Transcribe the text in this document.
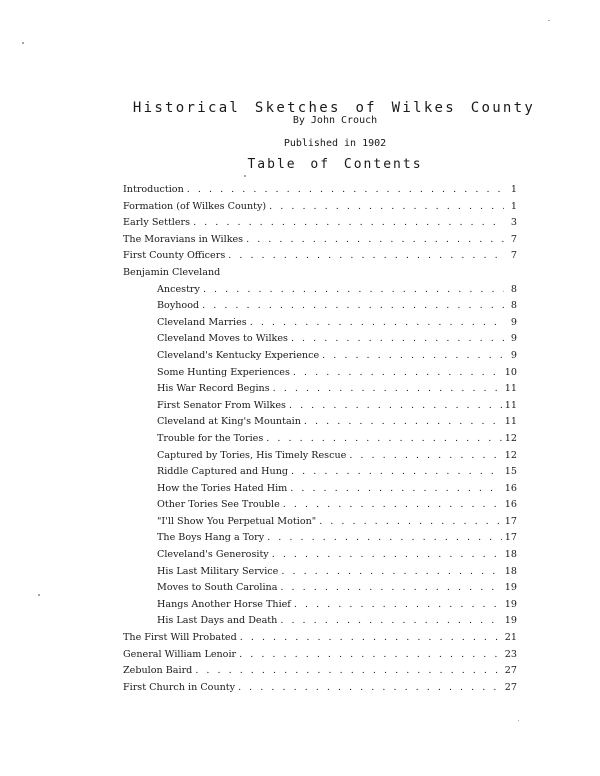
Historical Sketches of Wilkes County
By John Crouch
Published in 1902
Table of Contents
Introduction . . .	1
Formation (of Wilkes County) . . .	1
Early Settlers . . .	3
The Moravians in Wilkes . . .	7
First County Officers . . .	7
Benjamin Cleveland
Ancestry . . .	8
Boyhood . . .	8
Cleveland Marries . . .	9
Cleveland Moves to Wilkes . . .	9
Cleveland's Kentucky Experience . . .	9
Some Hunting Experiences . . .	10
His War Record Begins . . .	11
First Senator From Wilkes . . .	11
Cleveland at King's Mountain . . .	11
Trouble for the Tories . . .	12
Captured by Tories, His Timely Rescue . . .	12
Riddle Captured and Hung . . .	15
How the Tories Hated Him . . .	16
Other Tories See Trouble . . .	16
"I'll Show You Perpetual Motion" . . .	17
The Boys Hang a Tory . . .	17
Cleveland's Generosity . . .	18
His Last Military Service . . .	18
Moves to South Carolina . . .	19
Hangs Another Horse Thief . . .	19
His Last Days and Death . . .	19
The First Will Probated . . .	21
General William Lenoir . . .	23
Zebulon Baird . . .	27
First Church in County . . .	27
